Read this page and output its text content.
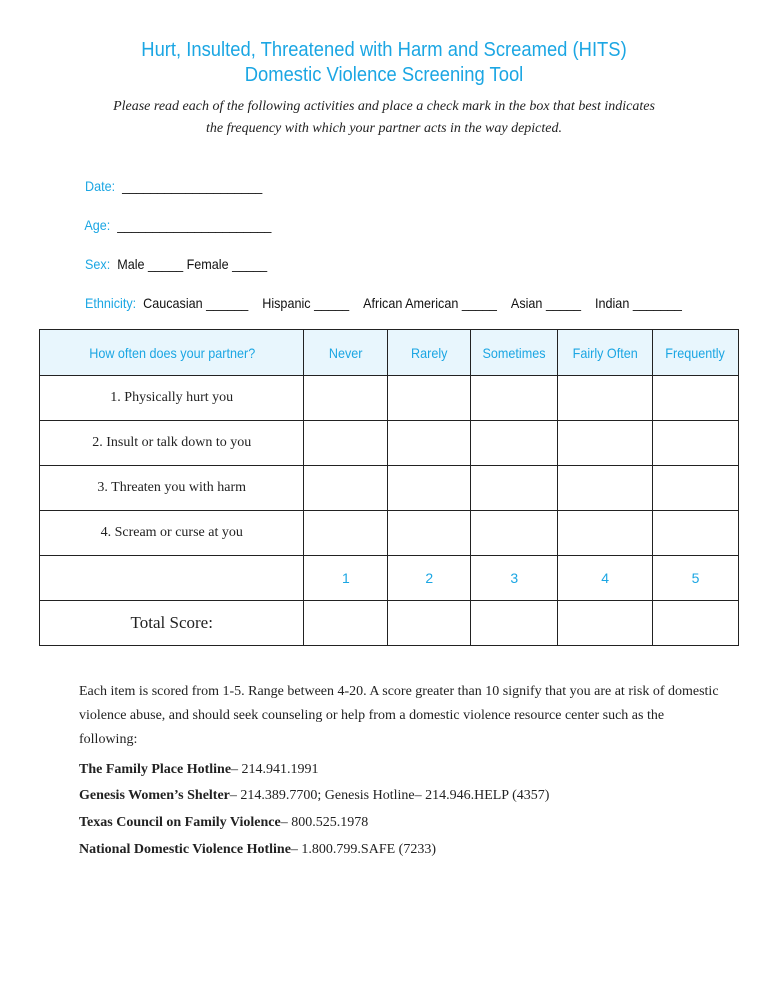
Hurt, Insulted, Threatened with Harm and Screamed (HITS)
Domestic Violence Screening Tool
Please read each of the following activities and place a check mark in the box that best indicates
the frequency with which your partner acts in the way depicted.

Date: ____________________

Age: ______________________

Sex: Male _____ Female _____

Ethnicity: Caucasian ______ Hispanic _____ African American _____ Asian _____ Indian _______

How often does your partner?	Never	Rarely	Sometimes	Fairly Often	Frequently
1. Physically hurt you					
2. Insult or talk down to you					
3. Threaten you with harm					
4. Scream or curse at you					
	1	2	3	4	5
Total Score:					
Each item is scored from 1-5. Range between 4-20. A score greater than 10 signify that you are at risk of domestic violence abuse, and should seek counseling or help from a domestic violence resource center such as the following:
The Family Place Hotline– 214.941.1991
Genesis Women’s Shelter– 214.389.7700; Genesis Hotline– 214.946.HELP (4357)
Texas Council on Family Violence– 800.525.1978
National Domestic Violence Hotline– 1.800.799.SAFE (7233)
